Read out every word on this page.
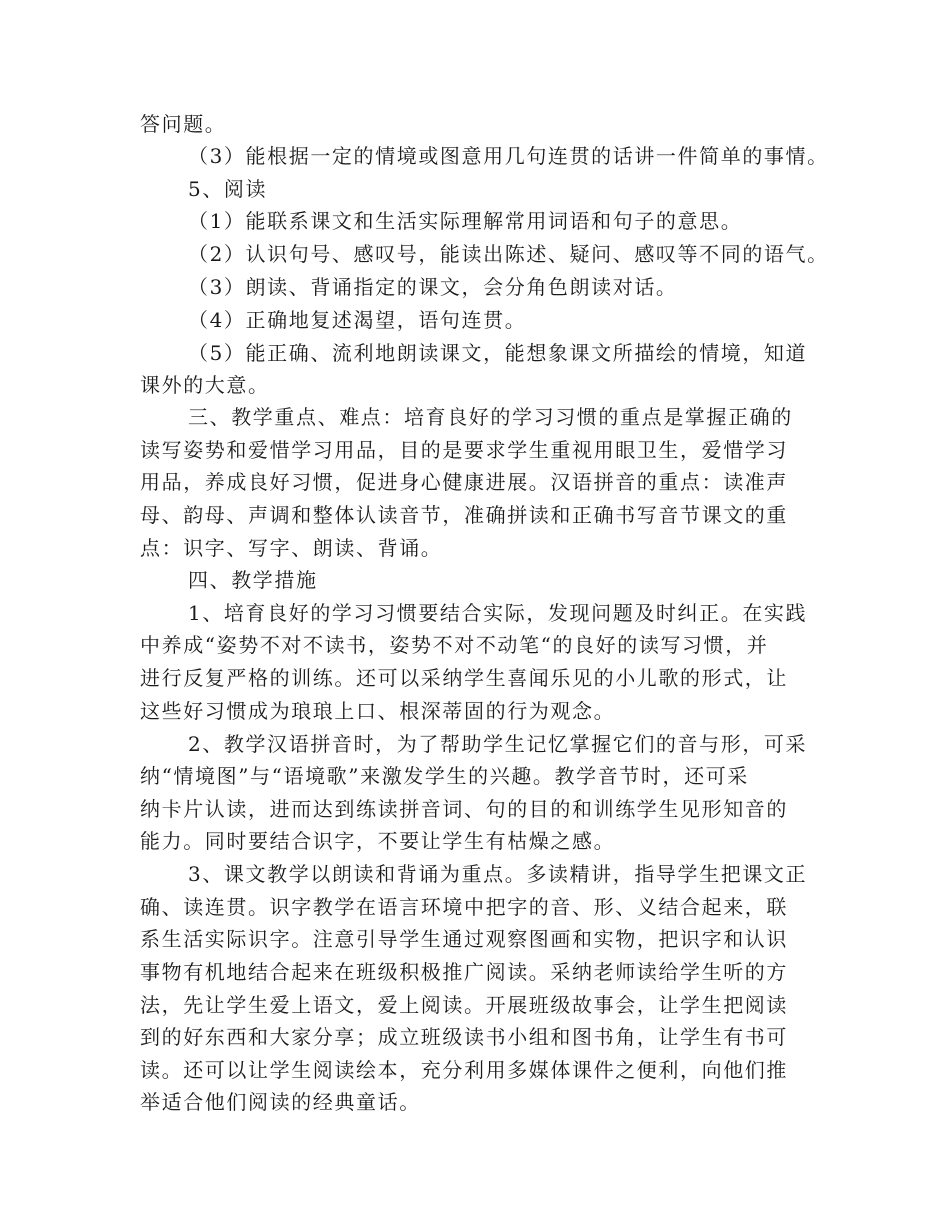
答问题。
（3）能根据一定的情境或图意用几句连贯的话讲一件简单的事情。
5、阅读
（1）能联系课文和生活实际理解常用词语和句子的意思。
（2）认识句号、感叹号，能读出陈述、疑问、感叹等不同的语气。
（3）朗读、背诵指定的课文，会分角色朗读对话。
（4）正确地复述渴望，语句连贯。
（5）能正确、流利地朗读课文，能想象课文所描绘的情境，知道
课外的大意。
三、教学重点、难点：培育良好的学习习惯的重点是掌握正确的
读写姿势和爱惜学习用品，目的是要求学生重视用眼卫生，爱惜学习
用品，养成良好习惯，促进身心健康进展。汉语拼音的重点：读准声
母、韵母、声调和整体认读音节，准确拼读和正确书写音节课文的重
点：识字、写字、朗读、背诵。
四、教学措施
1、培育良好的学习习惯要结合实际，发现问题及时纠正。在实践
中养成“姿势不对不读书，姿势不对不动笔“的良好的读写习惯，并
进行反复严格的训练。还可以采纳学生喜闻乐见的小儿歌的形式，让
这些好习惯成为琅琅上口、根深蒂固的行为观念。
2、教学汉语拼音时，为了帮助学生记忆掌握它们的音与形，可采
纳“情境图”与“语境歌”来激发学生的兴趣。教学音节时，还可采
纳卡片认读，进而达到练读拼音词、句的目的和训练学生见形知音的
能力。同时要结合识字，不要让学生有枯燥之感。
3、课文教学以朗读和背诵为重点。多读精讲，指导学生把课文正
确、读连贯。识字教学在语言环境中把字的音、形、义结合起来，联
系生活实际识字。注意引导学生通过观察图画和实物，把识字和认识
事物有机地结合起来在班级积极推广阅读。采纳老师读给学生听的方
法，先让学生爱上语文，爱上阅读。开展班级故事会，让学生把阅读
到的好东西和大家分享；成立班级读书小组和图书角，让学生有书可
读。还可以让学生阅读绘本，充分利用多媒体课件之便利，向他们推
举适合他们阅读的经典童话。
